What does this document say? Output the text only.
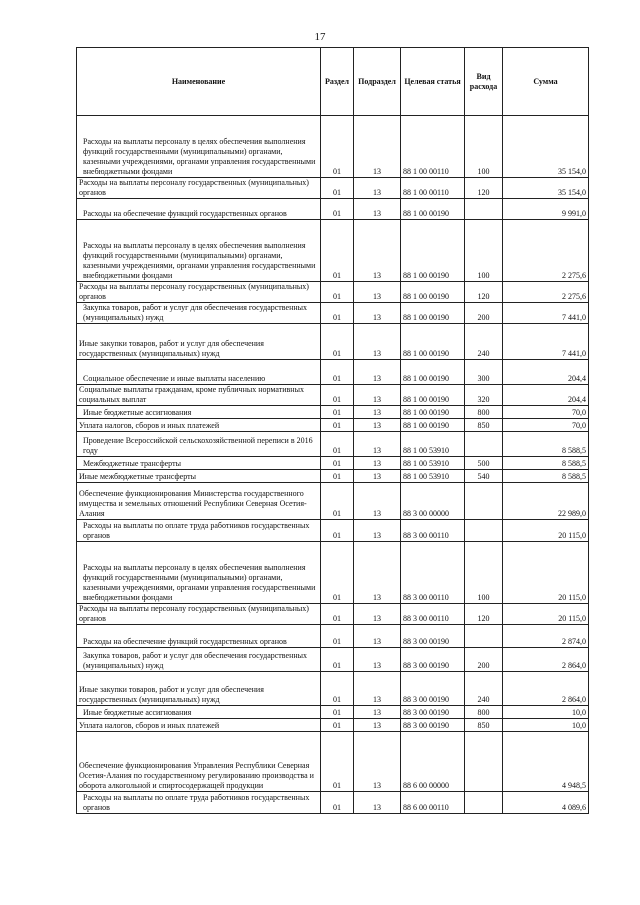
17
Наименование	Раздел	Подраздел	Целевая статья	Вид расхода	Сумма

Расходы на выплаты персоналу в целях обеспечения выполнения функций государственными (муниципальными) органами, казенными учреждениями, органами управления государственными внебюджетными фондами	01	13	88 1 00 00110	100	35 154,0

Расходы на выплаты персоналу государственных (муниципальных) органов	01	13	88 1 00 00110	120	35 154,0

Расходы на обеспечение функций государственных органов	01	13	88 1 00 00190		9 991,0

Расходы на выплаты персоналу в целях обеспечения выполнения функций государственными (муниципальными) органами, казенными учреждениями, органами управления государственными внебюджетными фондами	01	13	88 1 00 00190	100	2 275,6

Расходы на выплаты персоналу государственных (муниципальных) органов	01	13	88 1 00 00190	120	2 275,6

Закупка товаров, работ и услуг для обеспечения государственных (муниципальных) нужд	01	13	88 1 00 00190	200	7 441,0

Иные закупки товаров, работ и услуг для обеспечения государственных (муниципальных) нужд	01	13	88 1 00 00190	240	7 441,0

Социальное обеспечение и иные выплаты населению	01	13	88 1 00 00190	300	204,4

Социальные выплаты гражданам, кроме публичных нормативных социальных выплат	01	13	88 1 00 00190	320	204,4

Иные бюджетные ассигнования	01	13	88 1 00 00190	800	70,0

Уплата налогов, сборов и иных платежей	01	13	88 1 00 00190	850	70,0

Проведение Всероссийской сельскохозяйственной переписи в 2016 году	01	13	88 1 00 53910		8 588,5

Межбюджетные трансферты	01	13	88 1 00 53910	500	8 588,5

Иные межбюджетные трансферты	01	13	88 1 00 53910	540	8 588,5

Обеспечение функционирования Министерства государственного имущества и земельных отношений Республики Северная Осетия-Алания	01	13	88 3 00 00000		22 989,0

Расходы на выплаты по оплате труда работников государственных органов	01	13	88 3 00 00110		20 115,0

Расходы на выплаты персоналу в целях обеспечения выполнения функций государственными (муниципальными) органами, казенными учреждениями, органами управления государственными внебюджетными фондами	01	13	88 3 00 00110	100	20 115,0

Расходы на выплаты персоналу государственных (муниципальных) органов	01	13	88 3 00 00110	120	20 115,0

Расходы на обеспечение функций государственных органов	01	13	88 3 00 00190		2 874,0

Закупка товаров, работ и услуг для обеспечения государственных (муниципальных) нужд	01	13	88 3 00 00190	200	2 864,0

Иные закупки товаров, работ и услуг для обеспечения государственных (муниципальных) нужд	01	13	88 3 00 00190	240	2 864,0

Иные бюджетные ассигнования	01	13	88 3 00 00190	800	10,0

Уплата налогов, сборов и иных платежей	01	13	88 3 00 00190	850	10,0

Обеспечение функционирования Управления Республики Северная Осетия-Алания по государственному регулированию производства и оборота алкогольной и спиртосодержащей продукции	01	13	88 6 00 00000		4 948,5

Расходы на выплаты по оплате труда работников государственных органов	01	13	88 6 00 00110		4 089,6
